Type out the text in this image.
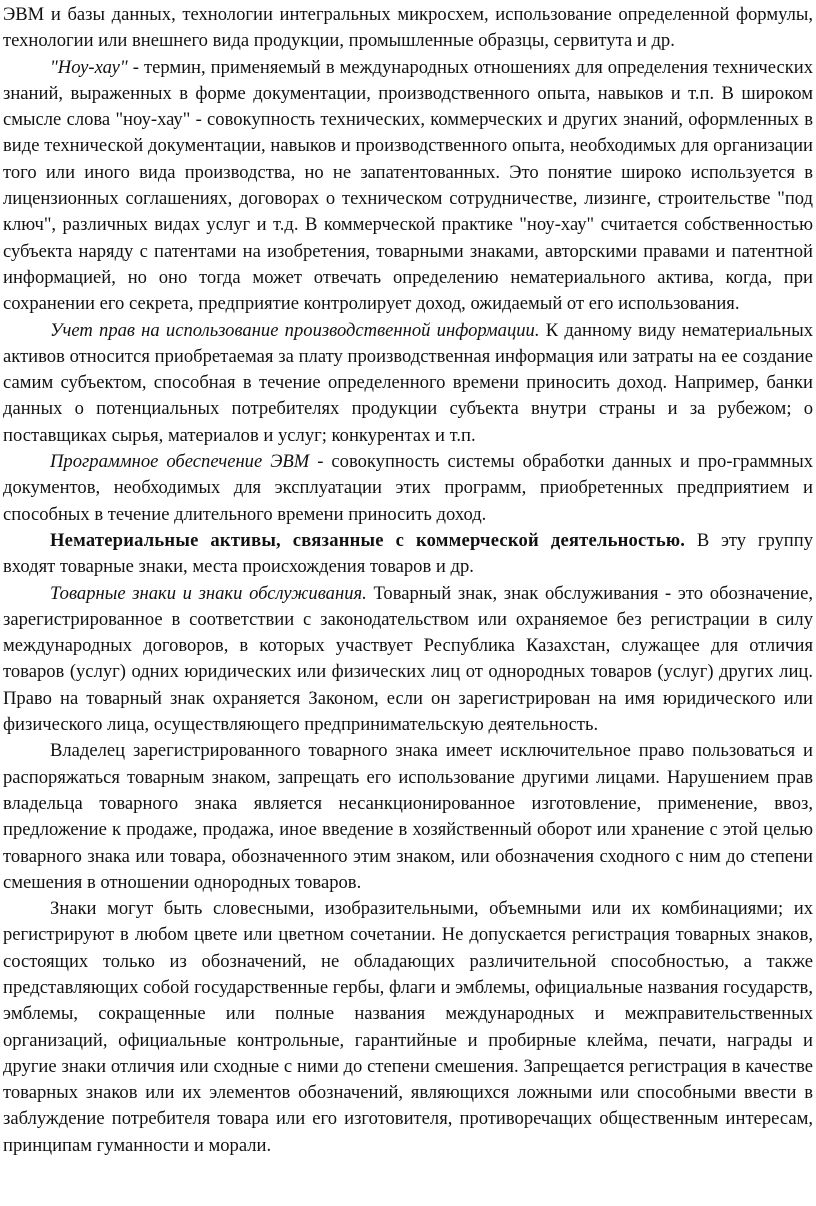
ЭВМ и базы данных, технологии интегральных микросхем, использование определенной формулы, технологии или внешнего вида продукции, промышленные образцы, сервитута и др.

"Ноу-хау" - термин, применяемый в международных отношениях для определения технических знаний, выраженных в форме документации, производственного опыта, навыков и т.п. В широком смысле слова "ноу-хау" - совокупность технических, коммерческих и других знаний, оформленных в виде технической документации, навыков и производственного опыта, необходимых для организации того или иного вида производства, но не запатентованных. Это понятие широко используется в лицензионных соглашениях, договорах о техническом сотрудничестве, лизинге, строительстве "под ключ", различных видах услуг и т.д. В коммерческой практике "ноу-хау" считается собственностью субъекта наряду с патентами на изобретения, товарными знаками, авторскими правами и патентной информацией, но оно тогда может отвечать определению нематериального актива, когда, при сохранении его секрета, предприятие контролирует доход, ожидаемый от его использования.

Учет прав на использование производственной информации. К данному виду нематериальных активов относится приобретаемая за плату производственная информация или затраты на ее создание самим субъектом, способная в течение определенного времени приносить доход. Например, банки данных о потенциальных потребителях продукции субъекта внутри страны и за рубежом; о поставщиках сырья, материалов и услуг; конкурентах и т.п.

Программное обеспечение ЭВМ - совокупность системы обработки данных и про-граммных документов, необходимых для эксплуатации этих программ, приобретенных предприятием и способных в течение длительного времени приносить доход.

Нематериальные активы, связанные с коммерческой деятельностью. В эту группу входят товарные знаки, места происхождения товаров и др.

Товарные знаки и знаки обслуживания. Товарный знак, знак обслуживания - это обозначение, зарегистрированное в соответствии с законодательством или охраняемое без регистрации в силу международных договоров, в которых участвует Республика Казахстан, служащее для отличия товаров (услуг) одних юридических или физических лиц от однородных товаров (услуг) других лиц. Право на товарный знак охраняется Законом, если он зарегистрирован на имя юридического или физического лица, осуществляющего предпринимательскую деятельность.

Владелец зарегистрированного товарного знака имеет исключительное право пользоваться и распоряжаться товарным знаком, запрещать его использование другими лицами. Нарушением прав владельца товарного знака является несанкционированное изготовление, применение, ввоз, предложение к продаже, продажа, иное введение в хозяйственный оборот или хранение с этой целью товарного знака или товара, обозначенного этим знаком, или обозначения сходного с ним до степени смешения в отношении однородных товаров.

Знаки могут быть словесными, изобразительными, объемными или их комбинациями; их регистрируют в любом цвете или цветном сочетании. Не допускается регистрация товарных знаков, состоящих только из обозначений, не обладающих различительной способностью, а также представляющих собой государственные гербы, флаги и эмблемы, официальные названия государств, эмблемы, сокращенные или полные названия международных и межправительственных организаций, официальные контрольные, гарантийные и пробирные клейма, печати, награды и другие знаки отличия или сходные с ними до степени смешения. Запрещается регистрация в качестве товарных знаков или их элементов обозначений, являющихся ложными или способными ввести в заблуждение потребителя товара или его изготовителя, противоречащих общественным интересам, принципам гуманности и морали.
